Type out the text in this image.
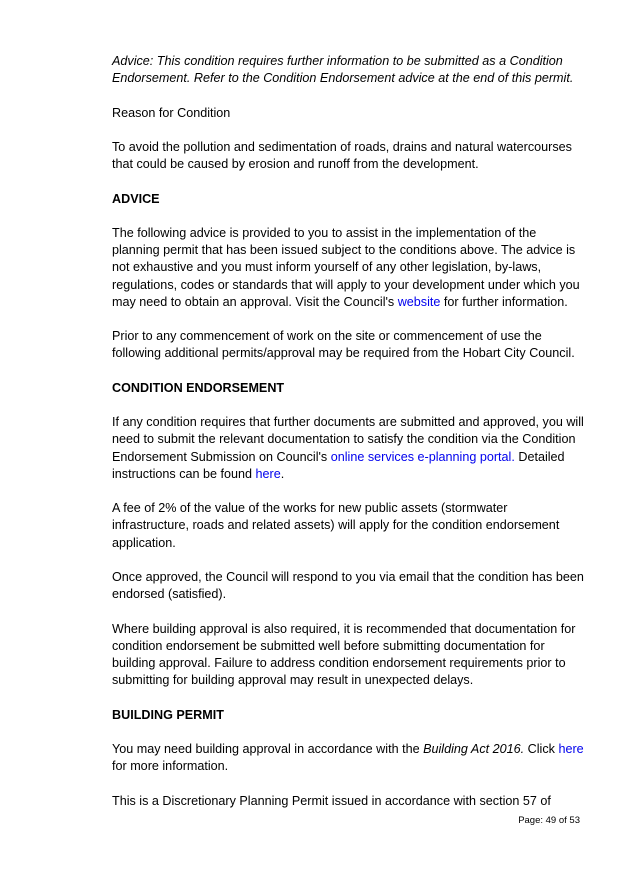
Advice: This condition requires further information to be submitted as a Condition Endorsement. Refer to the Condition Endorsement advice at the end of this permit.

Reason for Condition

To avoid the pollution and sedimentation of roads, drains and natural watercourses that could be caused by erosion and runoff from the development.

ADVICE

The following advice is provided to you to assist in the implementation of the planning permit that has been issued subject to the conditions above. The advice is not exhaustive and you must inform yourself of any other legislation, by-laws, regulations, codes or standards that will apply to your development under which you may need to obtain an approval. Visit the Council's website for further information.

Prior to any commencement of work on the site or commencement of use the following additional permits/approval may be required from the Hobart City Council.

CONDITION ENDORSEMENT

If any condition requires that further documents are submitted and approved, you will need to submit the relevant documentation to satisfy the condition via the Condition Endorsement Submission on Council's online services e-planning portal. Detailed instructions can be found here.

A fee of 2% of the value of the works for new public assets (stormwater infrastructure, roads and related assets) will apply for the condition endorsement application.

Once approved, the Council will respond to you via email that the condition has been endorsed (satisfied).

Where building approval is also required, it is recommended that documentation for condition endorsement be submitted well before submitting documentation for building approval. Failure to address condition endorsement requirements prior to submitting for building approval may result in unexpected delays.

BUILDING PERMIT

You may need building approval in accordance with the Building Act 2016. Click here for more information.

This is a Discretionary Planning Permit issued in accordance with section 57 of

Page: 49 of 53
